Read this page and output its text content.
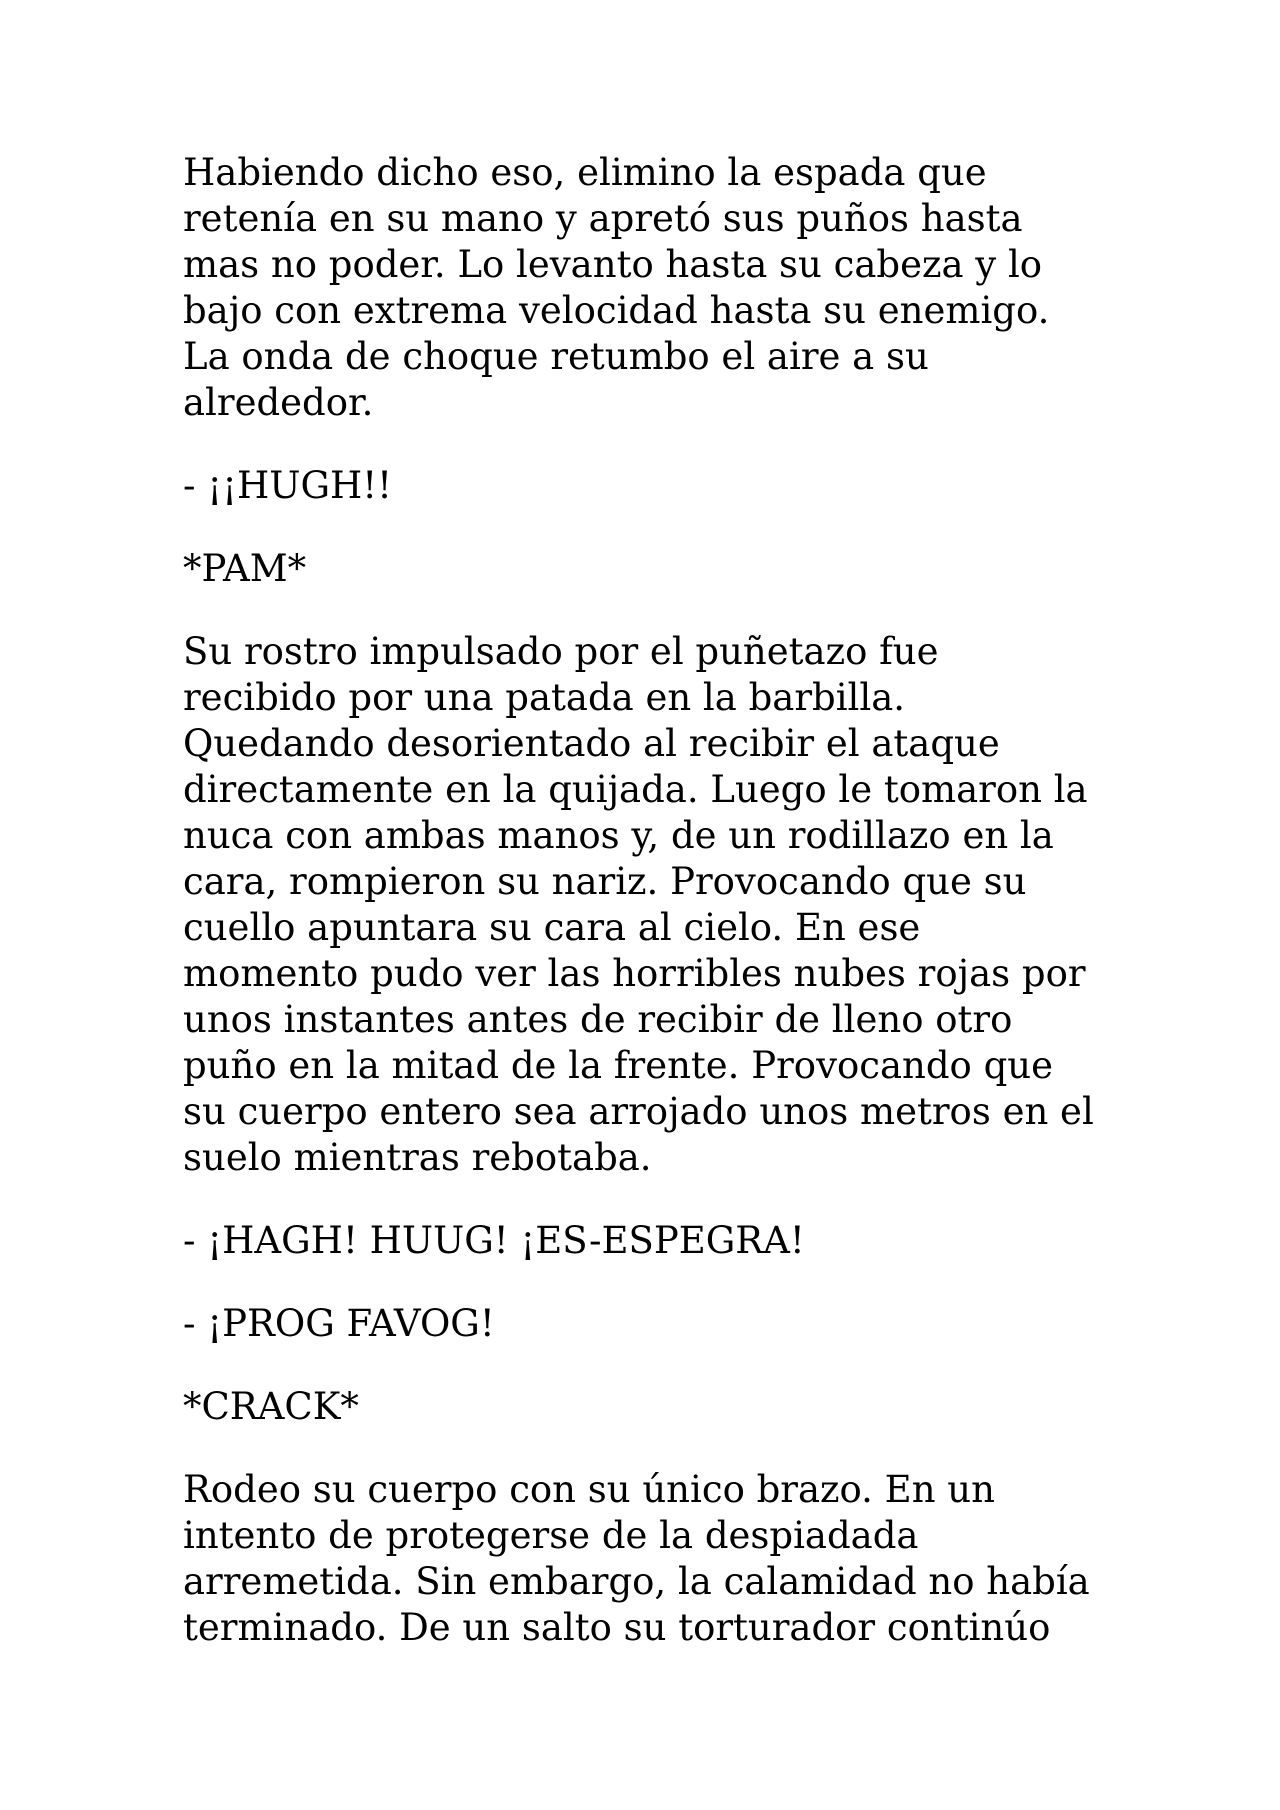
Habiendo dicho eso, elimino la espada que
retenía en su mano y apretó sus puños hasta
mas no poder. Lo levanto hasta su cabeza y lo
bajo con extrema velocidad hasta su enemigo.
La onda de choque retumbo el aire a su
alrededor.

- ¡¡HUGH!!

*PAM*

Su rostro impulsado por el puñetazo fue
recibido por una patada en la barbilla.
Quedando desorientado al recibir el ataque
directamente en la quijada. Luego le tomaron la
nuca con ambas manos y, de un rodillazo en la
cara, rompieron su nariz. Provocando que su
cuello apuntara su cara al cielo. En ese
momento pudo ver las horribles nubes rojas por
unos instantes antes de recibir de lleno otro
puño en la mitad de la frente. Provocando que
su cuerpo entero sea arrojado unos metros en el
suelo mientras rebotaba.

- ¡HAGH! HUUG! ¡ES-ESPEGRA!

- ¡PROG FAVOG!

*CRACK*

Rodeo su cuerpo con su único brazo. En un
intento de protegerse de la despiadada
arremetida. Sin embargo, la calamidad no había
terminado. De un salto su torturador continúo
